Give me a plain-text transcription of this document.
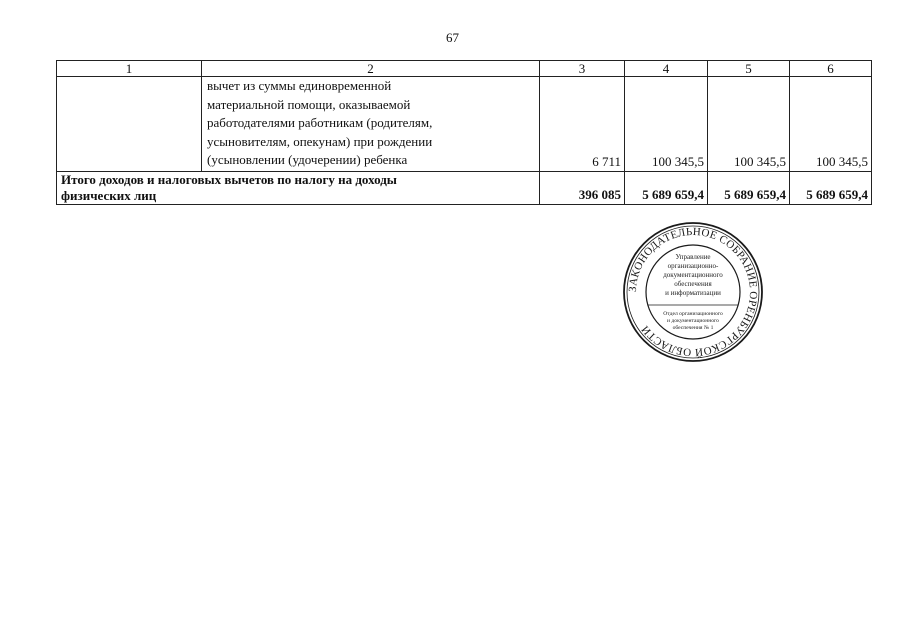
67
1	2	3	4	5	6

	вычет из суммы единовременной
материальной помощи, оказываемой
работодателями работникам (родителям,
усыновителям, опекунам) при рождении
(усыновлении (удочерении) ребенка	6 711	100 345,5	100 345,5	100 345,5

Итого доходов и налоговых вычетов по налогу на доходы
физических лиц		396 085	5 689 659,4	5 689 659,4	5 689 659,4
ЗАКОНОДАТЕЛЬНОЕ СОБРАНИЕ ОРЕНБУРГСКОЙ ОБЛАСТИ
Управление
организационно-
документационного
обеспечения
и информатизации
Отдел организационного
и документационного
обеспечения № 1
